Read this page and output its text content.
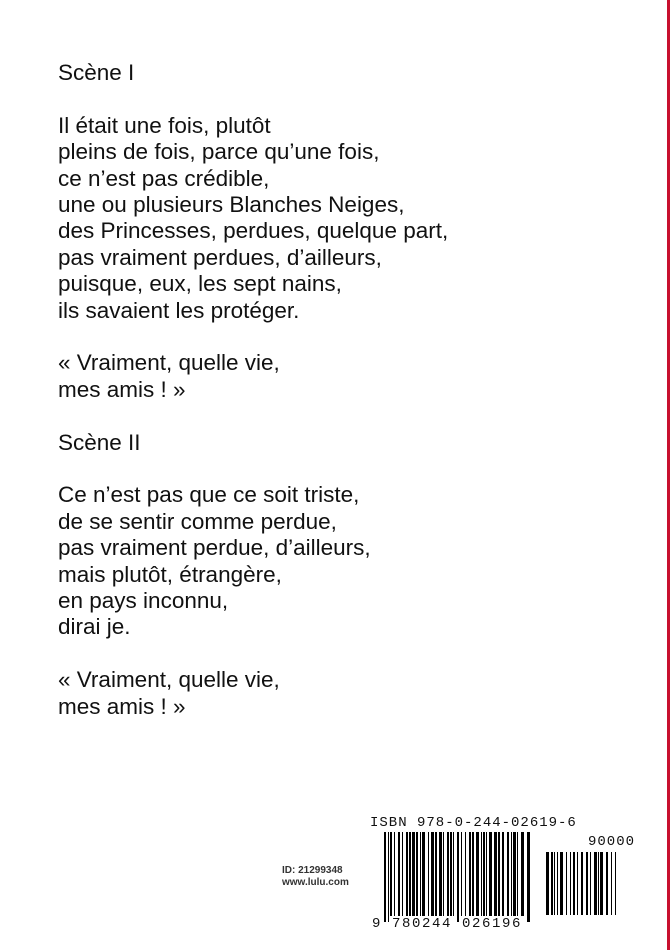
Scène I
Il était une fois, plutôt
pleins de fois, parce qu’une fois,
ce n’est pas crédible,
une ou plusieurs Blanches Neiges,
des Princesses, perdues, quelque part,
pas vraiment perdues, d’ailleurs,
puisque, eux, les sept nains,
ils savaient les protéger.
« Vraiment, quelle vie,
mes amis ! »
Scène II
Ce n’est pas que ce soit triste,
de se sentir comme perdue,
pas vraiment perdue, d’ailleurs,
mais plutôt, étrangère,
en pays inconnu,
dirai je.
« Vraiment, quelle vie,
mes amis ! »
ISBN 978-0-244-02619-6
90000
9 780244 026196
ID: 21299348
www.lulu.com
